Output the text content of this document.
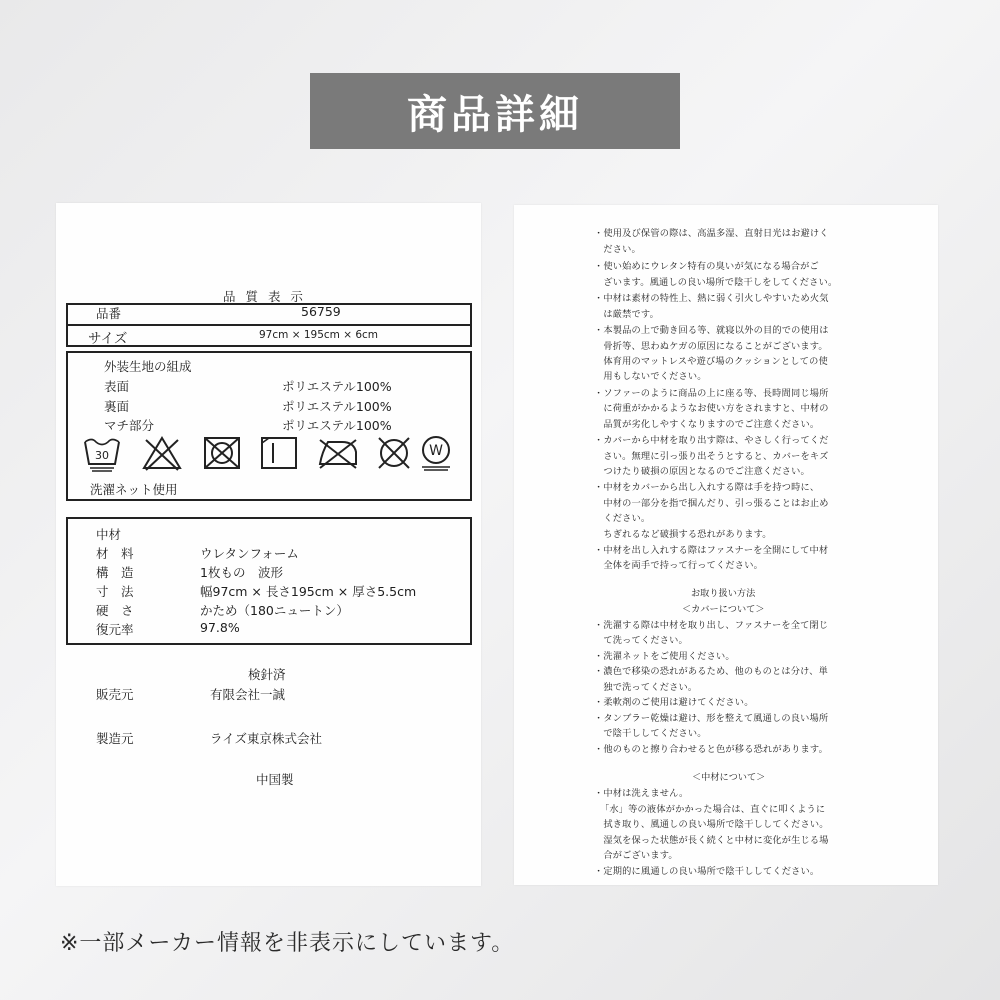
商品詳細
品 質 表 示
品番	56759
サイズ	97cm × 195cm × 6cm
外装生地の組成
表面	ポリエステル100%
裏面	ポリエステル100%
マチ部分	ポリエステル100%
30	W
洗濯ネット使用
中材
材　料	ウレタンフォーム
構　造	1枚もの　波形
寸　法	幅97cm × 長さ195cm × 厚さ5.5cm
硬　さ	かため（180ニュートン）
復元率	97.8%
検針済
販売元	有限会社一誠
製造元	ライズ東京株式会社
中国製
・使用及び保管の際は、高温多湿、直射日光はお避けく
　ださい。
・使い始めにウレタン特有の臭いが気になる場合がご
　ざいます。風通しの良い場所で陰干しをしてください。
・中材は素材の特性上、熱に弱く引火しやすいため火気
　は厳禁です。
・本製品の上で動き回る等、就寝以外の目的での使用は
　骨折等、思わぬケガの原因になることがございます。
　体育用のマットレスや遊び場のクッションとしての使
　用もしないでください。
・ソファーのように商品の上に座る等、長時間同じ場所
　に荷重がかかるようなお使い方をされますと、中材の
　品質が劣化しやすくなりますのでご注意ください。
・カバーから中材を取り出す際は、やさしく行ってくだ
　さい。無理に引っ張り出そうとすると、カバーをキズ
　つけたり破損の原因となるのでご注意ください。
・中材をカバーから出し入れする際は手を持つ時に、
　中材の一部分を指で掴んだり、引っ張ることはお止め
　ください。
　ちぎれるなど破損する恐れがあります。
・中材を出し入れする際はファスナーを全開にして中材
　全体を両手で持って行ってください。
お取り扱い方法
＜カバーについて＞
・洗濯する際は中材を取り出し、ファスナーを全て閉じ
　て洗ってください。
・洗濯ネットをご使用ください。
・濃色で移染の恐れがあるため、他のものとは分け、単
　独で洗ってください。
・柔軟剤のご使用は避けてください。
・タンブラー乾燥は避け、形を整えて風通しの良い場所
　で陰干ししてください。
・他のものと擦り合わせると色が移る恐れがあります。
＜中材について＞
・中材は洗えません。
「水」等の液体がかかった場合は、直ぐに叩くように
　拭き取り、風通しの良い場所で陰干ししてください。
　湿気を保った状態が長く続くと中材に変化が生じる場
　合がございます。
・定期的に風通しの良い場所で陰干ししてください。
※一部メーカー情報を非表示にしています。
